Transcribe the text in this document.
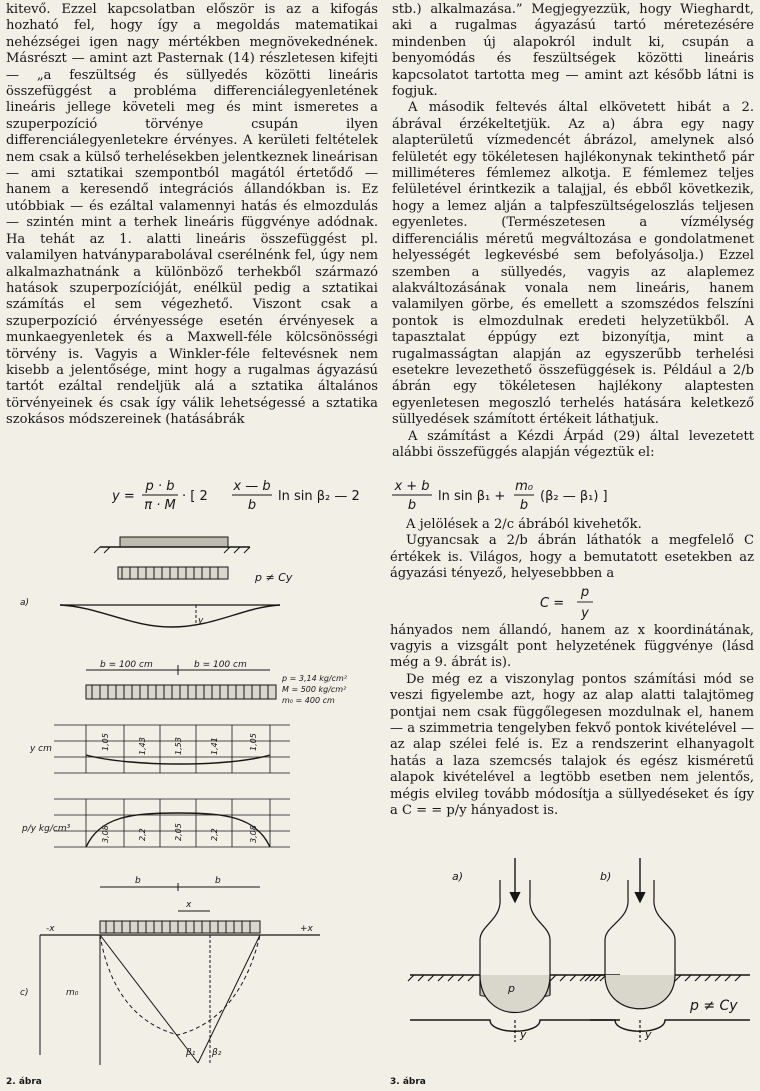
kitevő. Ezzel kapcsolatban először is az a kifogás hozható fel, hogy így a megoldás matematikai nehézségei igen nagy mértékben megnövekednének. Másrészt — amint azt Pasternak (14) részletesen kifejti — „a feszültség és süllyedés közötti lineáris összefüggést a probléma differenciálegyenletének lineáris jellege követeli meg és mint ismeretes a szuperpozíció törvénye csupán ilyen differenciálegyenletekre érvényes. A kerületi feltételek nem csak a külső terhelésekben jelentkeznek lineárisan — ami sztatikai szempontból magától értetődő — hanem a keresendő integrációs állandókban is. Ez utóbbiak — és ezáltal valamennyi hatás és elmozdulás — szintén mint a terhek lineáris függvénye adódnak. Ha tehát az 1. alatti lineáris összefüggést pl. valamilyen hatványparabolával cserélnénk fel, úgy nem alkalmazhatnánk a különböző terhekből származó hatások szuperpozícióját, enélkül pedig a sztatikai számítás el sem végezhető. Viszont csak a szuperpozíció érvényessége esetén érvényesek a munkaegyenletek és a Maxwell-féle kölcsönösségi törvény is. Vagyis a Winkler-féle feltevésnek nem kisebb a jelentősége, mint hogy a rugalmas ágyazású tartót ezáltal rendeljük alá a sztatika általános törvényeinek és csak így válik lehetségessé a sztatika szokásos módszereinek (hatásábrák

stb.) alkalmazása.” Megjegyezzük, hogy Wieghardt, aki a rugalmas ágyazású tartó méretezésére mindenben új alapokról indult ki, csupán a benyomódás és feszültségek közötti lineáris kapcsolatot tartotta meg — amint azt később látni is fogjuk.

A második feltevés által elkövetett hibát a 2. ábrával érzékeltetjük. Az a) ábra egy nagy alapterületű vízmedencét ábrázol, amelynek alsó felületét egy tökéletesen hajlékonynak tekinthető pár milliméteres fémlemez alkotja. E fémlemez teljes felületével érintkezik a talajjal, és ebből következik, hogy a lemez alján a talpfeszültségeloszlás teljesen egyenletes. (Természetesen a vízmélység differenciális méretű megváltozása e gondolatmenet helyességét legkevésbé sem befolyásolja.) Ezzel szemben a süllyedés, vagyis az alaplemez alakváltozásának vonala nem lineáris, hanem valamilyen görbe, és emellett a szomszédos felszíni pontok is elmozdulnak eredeti helyzetükből. A tapasztalat éppúgy ezt bizonyítja, mint a rugalmasságtan alapján az egyszerűbb terhelési esetekre levezethető összefüggések is. Például a 2/b ábrán egy tökéletesen hajlékony alaptesten egyenletesen megoszló terhelés hatására keletkező süllyedések számított értékeit láthatjuk.

A számítást a Kézdi Árpád (29) által levezetett alábbi összefüggés alapján végeztük el:

y =
p · b
π · M
· [ 2
x — b
b
ln sin β₂ — 2
x + b
b
ln sin β₁ +
m₀
b
(β₂ — β₁) ]

A jelölések a 2/c ábrából kivehetők.

Ugyancsak a 2/b ábrán láthatók a megfelelő C értékek is. Világos, hogy a bemutatott esetekben az ágyazási tényező, helyesebbben a

C =
p
y

hányados nem állandó, hanem az x koordinátának, vagyis a vizsgált pont helyzetének függvénye (lásd még a 9. ábrát is).

De még ez a viszonylag pontos számítási mód se veszi figyelembe azt, hogy az alap alatti talajtömeg pontjai nem csak függőlegesen mozdulnak el, hanem — a szimmetria tengelyben fekvő pontok kivételével — az alap szélei felé is. Ez a rendszerint elhanyagolt hatás a laza szemcsés talajok és egész kisméretű alapok kivételével a legtöbb esetben nem jelentős, mégis elvileg tovább módosítja a süllyedéseket és így a C = = p/y hányadost is.

a)
p ≠ Cy
y
b = 100 cm	b = 100 cm
p = 3,14 kg/cm²
M = 500 kg/cm²
m₀ = 400 cm
y cm
p/y kg/cm³
c)
b	b
x
-x	+x
m₀
β₁ β₂
1,05	1,43	1,53	1,41	1,05
3,08	2,2	2,05	2,2	3,08
2. ábra
a)	b)
p
p ≠ Cy
y	y
3. ábra
